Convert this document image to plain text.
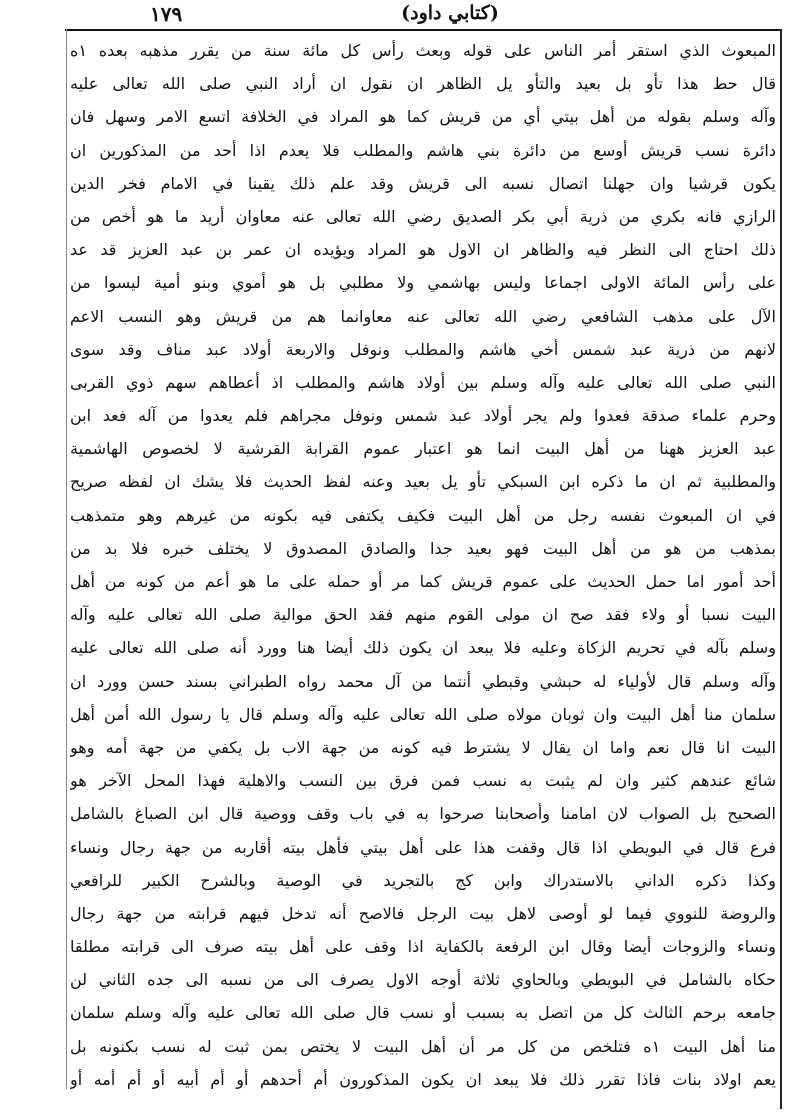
(كتابي داود)
١٧٩
المبعوث الذي استقر أمر الناس على قوله وبعث رأس كل مائة سنة من يقرر مذهبه بعده ١ه
قال حط هذا تأو بل بعيد والتأو يل الظاهر ان نقول ان أراد النبي صلى الله تعالى عليه
وآله وسلم بقوله من أهل بيتي أي من قريش كما هو المراد في الخلافة اتسع الامر وسهل فان
دائرة نسب قريش أوسع من دائرة بني هاشم والمطلب فلا يعدم اذا أحد من المذكورين ان
يكون قرشيا وان جهلنا اتصال نسبه الى قريش وقد علم ذلك يقينا في الامام فخر الدين
الرازي فانه بكري من ذرية أبي بكر الصديق رضي الله تعالى عنه معاوان أريد ما هو أخص من
ذلك احتاج الى النظر فيه والظاهر ان الاول هو المراد ويؤيده ان عمر بن عبد العزيز قد عد
على رأس المائة الاولى اجماعا وليس بهاشمي ولا مطلبي بل هو أموي وبنو أمية ليسوا من
الآل على مذهب الشافعي رضي الله تعالى عنه معاوانما هم من قريش وهو النسب الاعم
لانهم من ذرية عبد شمس أخي هاشم والمطلب ونوفل والاربعة أولاد عبد مناف وقد سوى
النبي صلى الله تعالى عليه وآله وسلم بين أولاد هاشم والمطلب اذ أعطاهم سهم ذوي القربى
وحرم علماء صدقة فعدوا ولم يجر أولاد عبد شمس ونوفل مجراهم فلم يعدوا من آله فعد ابن
عبد العزيز ههنا من أهل البيت انما هو اعتبار عموم القرابة القرشية لا لخصوص الهاشمية
والمطلبية ثم ان ما ذكره ابن السبكي تأو يل بعيد وعنه لفظ الحديث فلا يشك ان لفظه صريح
في ان المبعوث نفسه رجل من أهل البيت فكيف يكتفى فيه بكونه من غيرهم وهو متمذهب
بمذهب من هو من أهل البيت فهو بعيد جدا والصادق المصدوق لا يختلف خبره فلا بد من
أحد أمور اما حمل الحديث على عموم قريش كما مر أو حمله على ما هو أعم من كونه من أهل
البيت نسبا أو ولاء فقد صح ان مولى القوم منهم فقد الحق موالية صلى الله تعالى عليه وآله
وسلم بآله في تحريم الزكاة وعليه فلا يبعد ان يكون ذلك أيضا هنا وورد أنه صلى الله تعالى عليه
وآله وسلم قال لأولياء له حبشي وقبطي أنتما من آل محمد رواه الطبراني بسند حسن وورد ان
سلمان منا أهل البيت وان ثوبان مولاه صلى الله تعالى عليه وآله وسلم قال يا رسول الله أمن أهل
البيت انا قال نعم واما ان يقال لا يشترط فيه كونه من جهة الاب بل يكفي من جهة أمه وهو
شائع عندهم كثير وان لم يثبت به نسب فمن فرق بين النسب والاهلية فهذا المحل الآخر هو
الصحيح بل الصواب لان امامنا وأصحابنا صرحوا به في باب وقف ووصية قال ابن الصباغ بالشامل
فرع قال في البويطي اذا قال وقفت هذا على أهل بيتي فأهل بيته أقاربه من جهة رجال ونساء
وكذا ذكره الداني بالاستدراك وابن كج بالتجريد في الوصية وبالشرح الكبير للرافعي
والروضة للنووي فيما لو أوصى لاهل بيت الرجل فالاصح أنه تدخل فيهم قرابته من جهة رجال
ونساء والزوجات أيضا وقال ابن الرفعة بالكفاية اذا وقف على أهل بيته صرف الى قرابته مطلقا
حكاه بالشامل في البويطي وبالحاوي ثلاثة أوجه الاول يصرف الى من نسبه الى جده الثاني لن
جامعه برحم الثالث كل من اتصل به بسبب أو نسب قال صلى الله تعالى عليه وآله وسلم سلمان
منا أهل البيت ١ه فتلخص من كل مر أن أهل البيت لا يختص بمن ثبت له نسب بكنونه بل
يعم اولاد بنات فاذا تقرر ذلك فلا يبعد ان يكون المذكورون أم أحدهم أو أم أبيه أو أم أمه أو
